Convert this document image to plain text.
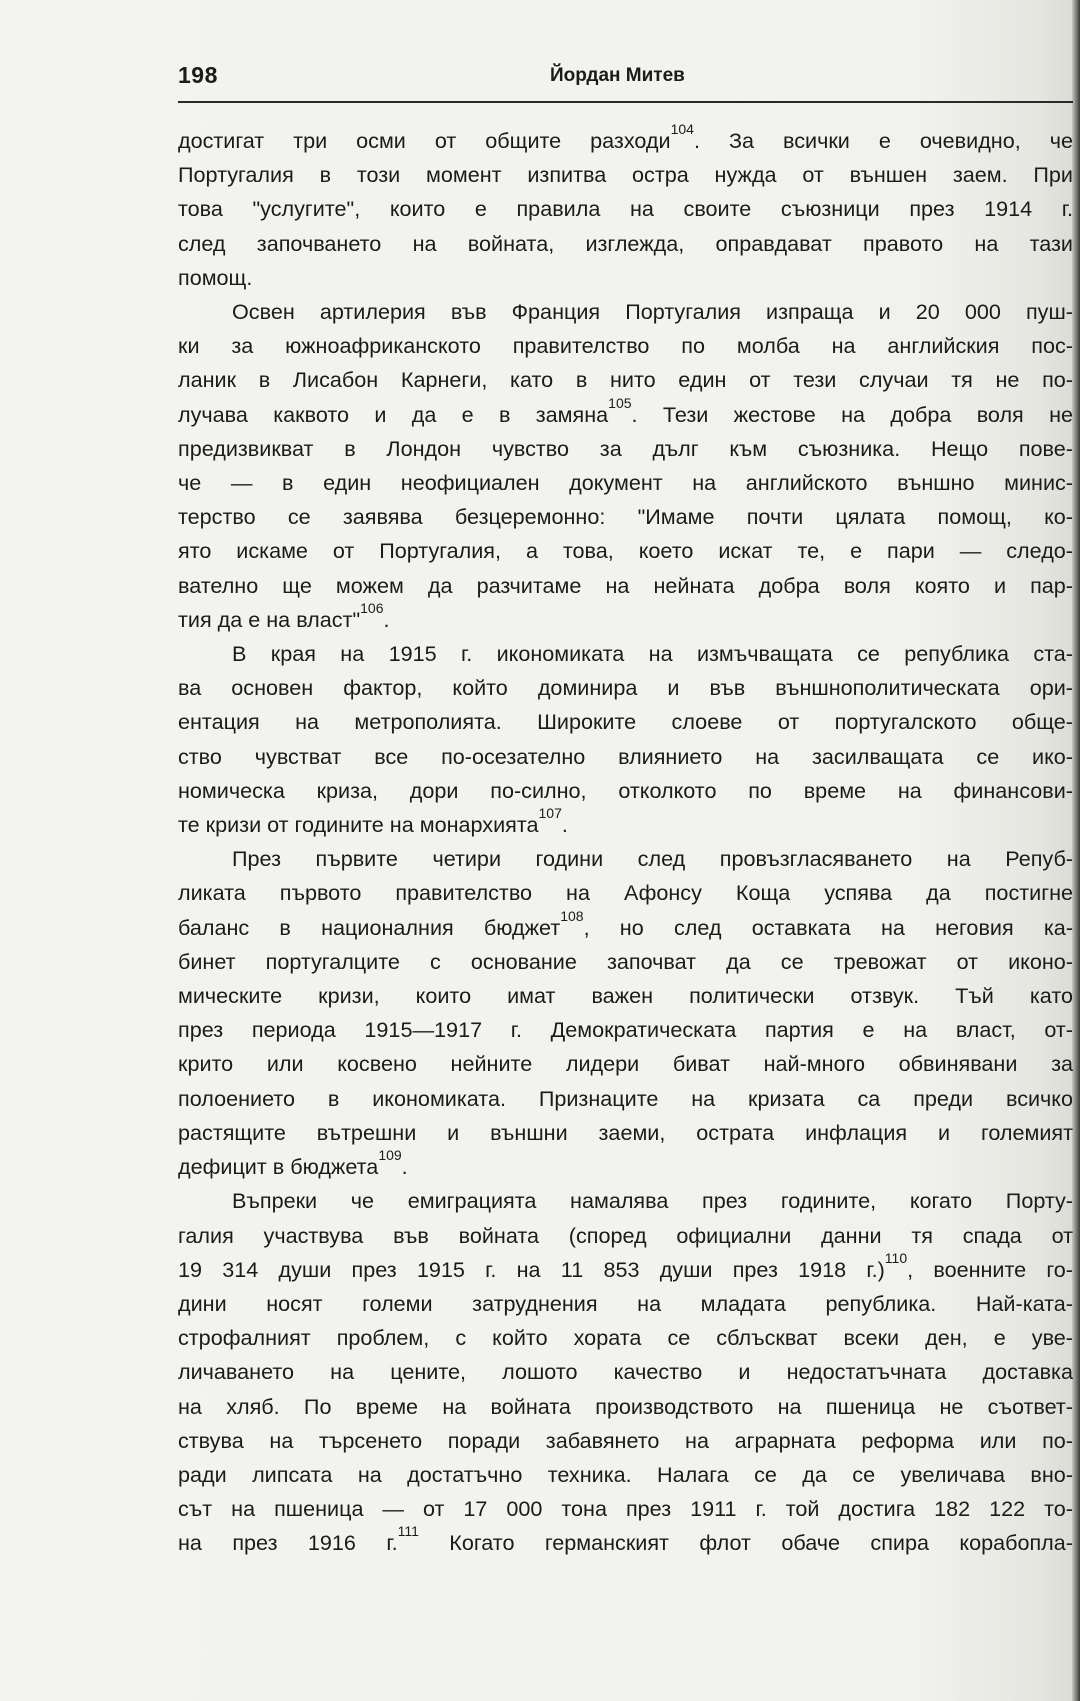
198	Йордан Митев
достигат три осми от общите разходи$^{104}$. За всички е очевидно, че
Португалия в този момент изпитва остра нужда от външен заем. При
това "услугите", които е правила на своите съюзници през 1914 г.
след започването на войната, изглежда, оправдават правото на тази
помощ.
Освен артилерия във Франция Португалия изпраща и 20 000 пуш-
ки за южноафриканското правителство по молба на английския пос-
ланик в Лисабон Карнеги, като в нито един от тези случаи тя не по-
лучава каквото и да е в замяна$^{105}$. Тези жестове на добра воля не
предизвикват в Лондон чувство за дълг към съюзника. Нещо пове-
че — в един неофициален документ на английското външно минис-
терство се заявява безцеремонно: "Имаме почти цялата помощ, ко-
ято искаме от Португалия, а това, което искат те, е пари — следо-
вателно ще можем да разчитаме на нейната добра воля която и пар-
тия да е на власт"$^{106}$.
В края на 1915 г. икономиката на измъчващата се република ста-
ва основен фактор, който доминира и във външнополитическата ори-
ентация на метрополията. Широките слоеве от португалското обще-
ство чувстват все по-осезателно влиянието на засилващата се ико-
номическа криза, дори по-силно, отколкото по време на финансови-
те кризи от годините на монархията$^{107}$.
През първите четири години след провъзгласяването на Репуб-
ликата първото правителство на Афонсу Коща успява да постигне
баланс в националния бюджет$^{108}$, но след оставката на неговия ка-
бинет португалците с основание започват да се тревожат от иконо-
мическите кризи, които имат важен политически отзвук. Тъй като
през периода 1915—1917 г. Демократическата партия е на власт, от-
крито или косвено нейните лидери биват най-много обвинявани за
полоението в икономиката. Признаците на кризата са преди всичко
растящите вътрешни и външни заеми, острата инфлация и големият
дефицит в бюджета$^{109}$.
Въпреки че емиграцията намалява през годините, когато Порту-
галия участвува във войната (според официални данни тя спада от
19 314 души през 1915 г. на 11 853 души през 1918 г.)$^{110}$, военните го-
дини носят големи затруднения на младата република. Най-ката-
строфалният проблем, с който хората се сблъскват всеки ден, е уве-
личаването на цените, лошото качество и недостатъчната доставка
на хляб. По време на войната производството на пшеница не съответ-
ствува на търсенето поради забавянето на аграрната реформа или по-
ради липсата на достатъчно техника. Налага се да се увеличава вно-
сът на пшеница — от 17 000 тона през 1911 г. той достига 182 122 то-
на през 1916 г.$^{111}$ Когато германският флот обаче спира корабопла-
